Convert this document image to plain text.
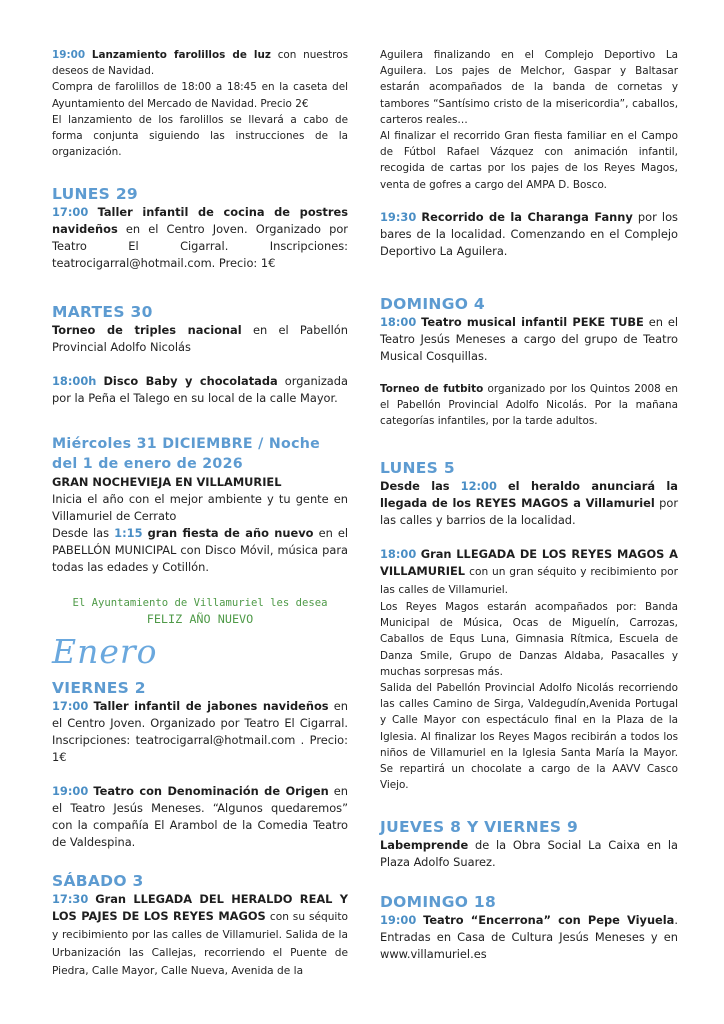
19:00 Lanzamiento farolillos de luz con nuestros deseos de Navidad.

Compra de farolillos de 18:00 a 18:45 en la caseta del Ayuntamiento del Mercado de Navidad. Precio 2€

El lanzamiento de los farolillos se llevará a cabo de forma conjunta siguiendo las instrucciones de la organización.

LUNES 29

17:00 Taller infantil de cocina de postres navideños en el Centro Joven. Organizado por Teatro El Cigarral. Inscripciones: teatrocigarral@hotmail.com. Precio: 1€

MARTES 30

Torneo de triples nacional en el Pabellón Provincial Adolfo Nicolás

18:00h Disco Baby y chocolatada organizada por la Peña el Talego en su local de la calle Mayor.

Miércoles 31 DICIEMBRE / Noche del 1 de enero de 2026

GRAN NOCHEVIEJA EN VILLAMURIEL

Inicia el año con el mejor ambiente y tu gente en Villamuriel de Cerrato

Desde las 1:15 gran fiesta de año nuevo en el PABELLÓN MUNICIPAL con Disco Móvil, música para todas las edades y Cotillón.

El Ayuntamiento de Villamuriel les desea
FELIZ AÑO NUEVO
Enero
VIERNES 2

17:00 Taller infantil de jabones navideños en el Centro Joven. Organizado por Teatro El Cigarral. Inscripciones: teatrocigarral@hotmail.com . Precio: 1€

19:00 Teatro con Denominación de Origen en el Teatro Jesús Meneses. “Algunos quedaremos” con la compañía El Arambol de la Comedia Teatro de Valdespina.

SÁBADO 3

17:30 Gran LLEGADA DEL HERALDO REAL Y LOS PAJES DE LOS REYES MAGOS con su séquito y recibimiento por las calles de Villamuriel. Salida de la Urbanización las Callejas, recorriendo el Puente de Piedra, Calle Mayor, Calle Nueva, Avenida de la

Aguilera finalizando en el Complejo Deportivo La Aguilera. Los pajes de Melchor, Gaspar y Baltasar estarán acompañados de la banda de cornetas y tambores “Santísimo cristo de la misericordia”, caballos, carteros reales…

Al finalizar el recorrido Gran fiesta familiar en el Campo de Fútbol Rafael Vázquez con animación infantil, recogida de cartas por los pajes de los Reyes Magos, venta de gofres a cargo del AMPA D. Bosco.

19:30 Recorrido de la Charanga Fanny por los bares de la localidad. Comenzando en el Complejo Deportivo La Aguilera.

DOMINGO 4

18:00 Teatro musical infantil PEKE TUBE en el Teatro Jesús Meneses a cargo del grupo de Teatro Musical Cosquillas.

Torneo de futbito organizado por los Quintos 2008 en el Pabellón Provincial Adolfo Nicolás. Por la mañana categorías infantiles, por la tarde adultos.

LUNES 5

Desde las 12:00 el heraldo anunciará la llegada de los REYES MAGOS a Villamuriel por las calles y barrios de la localidad.

18:00 Gran LLEGADA DE LOS REYES MAGOS A VILLAMURIEL con un gran séquito y recibimiento por las calles de Villamuriel.

Los Reyes Magos estarán acompañados por: Banda Municipal de Música, Ocas de Miguelín, Carrozas, Caballos de Equs Luna, Gimnasia Rítmica, Escuela de Danza Smile, Grupo de Danzas Aldaba, Pasacalles y muchas sorpresas más.

Salida del Pabellón Provincial Adolfo Nicolás recorriendo las calles Camino de Sirga, Valdegudín,Avenida Portugal y Calle Mayor con espectáculo final en la Plaza de la Iglesia. Al finalizar los Reyes Magos recibirán a todos los niños de Villamuriel en la Iglesia Santa María la Mayor. Se repartirá un chocolate a cargo de la AAVV Casco Viejo.

JUEVES 8 Y VIERNES 9

Labemprende de la Obra Social La Caixa en la Plaza Adolfo Suarez.

DOMINGO 18

19:00 Teatro “Encerrona” con Pepe Viyuela. Entradas en Casa de Cultura Jesús Meneses y en www.villamuriel.es
